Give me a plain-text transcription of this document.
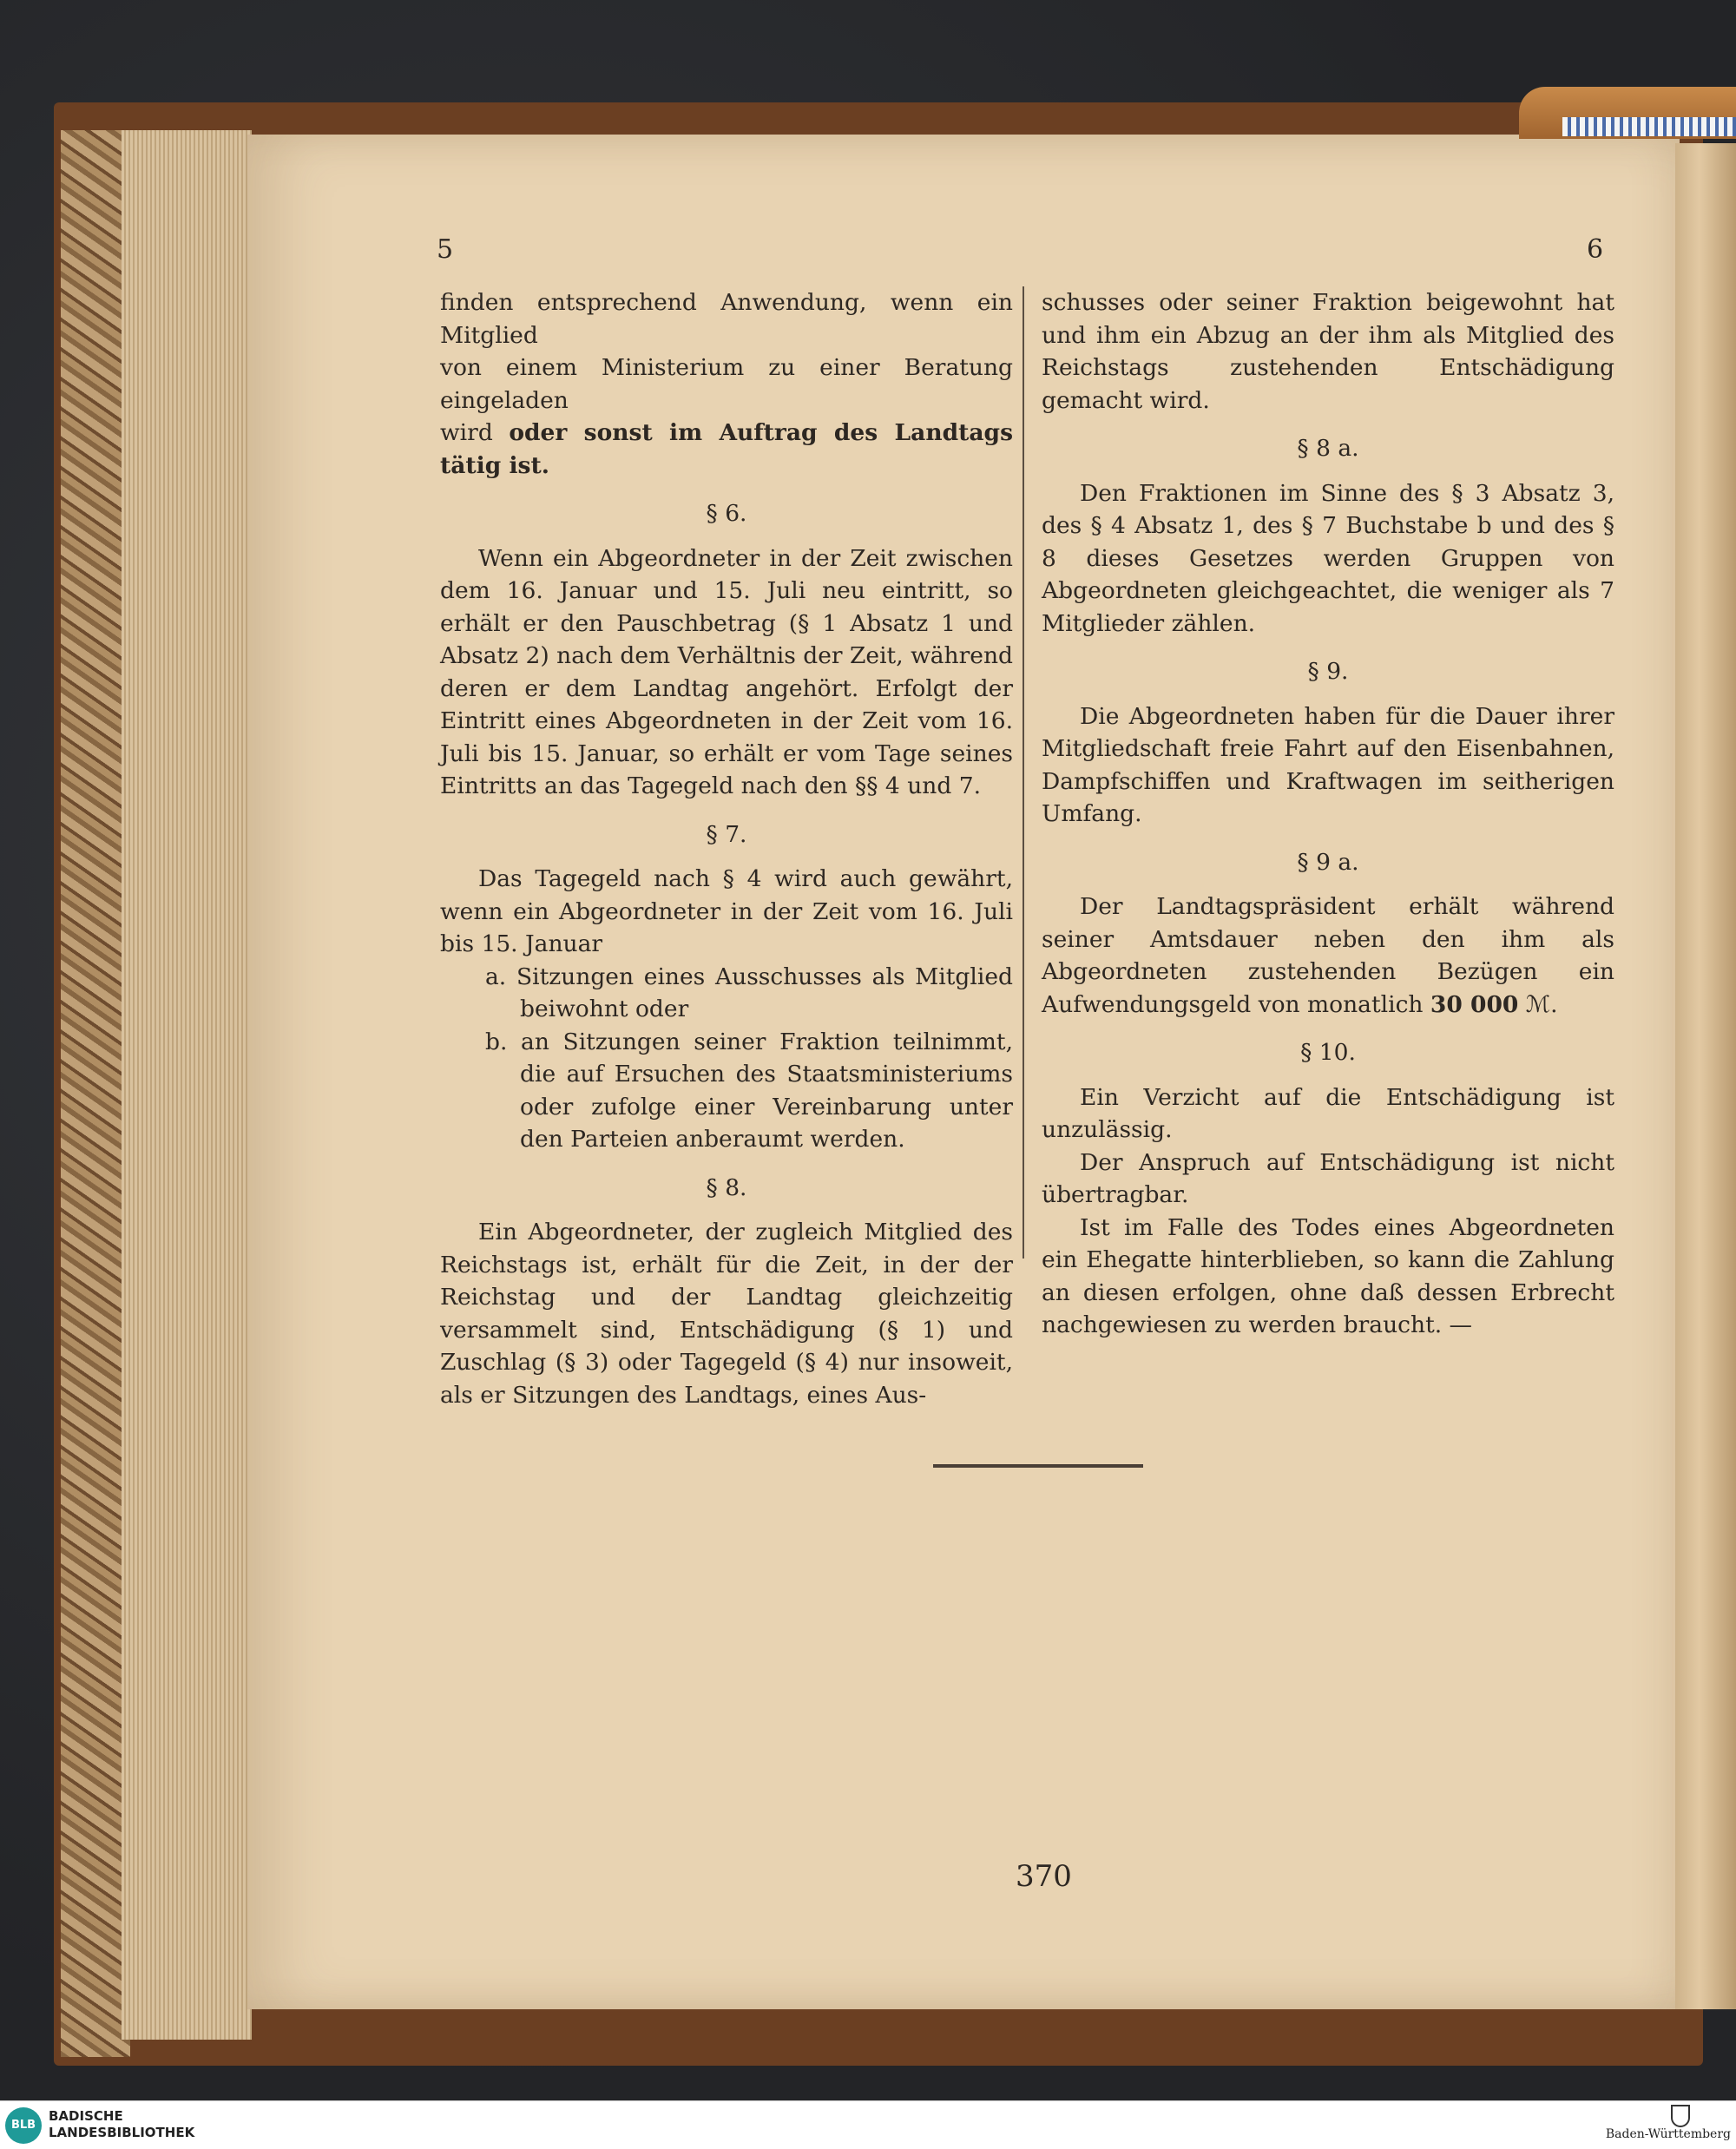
5	6

finden entsprechend Anwendung, wenn ein Mitglied

von einem Ministerium zu einer Beratung eingeladen

wird oder sonst im Auftrag des Landtags tätig ist.

§ 6.

Wenn ein Abgeordneter in der Zeit zwischen dem 16. Januar und 15. Juli neu eintritt, so erhält er den Pauschbetrag (§ 1 Absatz 1 und Absatz 2) nach dem Verhältnis der Zeit, während deren er dem Landtag angehört. Erfolgt der Eintritt eines Abgeordneten in der Zeit vom 16. Juli bis 15. Januar, so erhält er vom Tage seines Eintritts an das Tagegeld nach den §§ 4 und 7.

§ 7.

Das Tagegeld nach § 4 wird auch gewährt, wenn ein Abgeordneter in der Zeit vom 16. Juli bis 15. Januar

a. Sitzungen eines Ausschusses als Mitglied beiwohnt oder

b. an Sitzungen seiner Fraktion teilnimmt, die auf Ersuchen des Staatsministeriums oder zufolge einer Vereinbarung unter den Parteien anberaumt werden.

§ 8.

Ein Abgeordneter, der zugleich Mitglied des Reichstags ist, erhält für die Zeit, in der der Reichstag und der Landtag gleichzeitig versammelt sind, Entschädigung (§ 1) und Zuschlag (§ 3) oder Tagegeld (§ 4) nur insoweit, als er Sitzungen des Landtags, eines Aus-

schusses oder seiner Fraktion beigewohnt hat und ihm ein Abzug an der ihm als Mitglied des Reichstags zustehenden Entschädigung gemacht wird.

§ 8 a.

Den Fraktionen im Sinne des § 3 Absatz 3, des § 4 Absatz 1, des § 7 Buchstabe b und des § 8 dieses Gesetzes werden Gruppen von Abgeordneten gleichgeachtet, die weniger als 7 Mitglieder zählen.

§ 9.

Die Abgeordneten haben für die Dauer ihrer Mitgliedschaft freie Fahrt auf den Eisenbahnen, Dampfschiffen und Kraftwagen im seitherigen Umfang.

§ 9 a.

Der Landtagspräsident erhält während seiner Amtsdauer neben den ihm als Abgeordneten zustehenden Bezügen ein Aufwendungsgeld von monatlich 30 000 ℳ.

§ 10.

Ein Verzicht auf die Entschädigung ist unzulässig.

Der Anspruch auf Entschädigung ist nicht übertragbar.

Ist im Falle des Todes eines Abgeordneten ein Ehegatte hinterblieben, so kann die Zahlung an diesen erfolgen, ohne daß dessen Erbrecht nachgewiesen zu werden braucht. —

370
BLB
BADISCHE
LANDESBIBLIOTHEK	Baden-Württemberg
